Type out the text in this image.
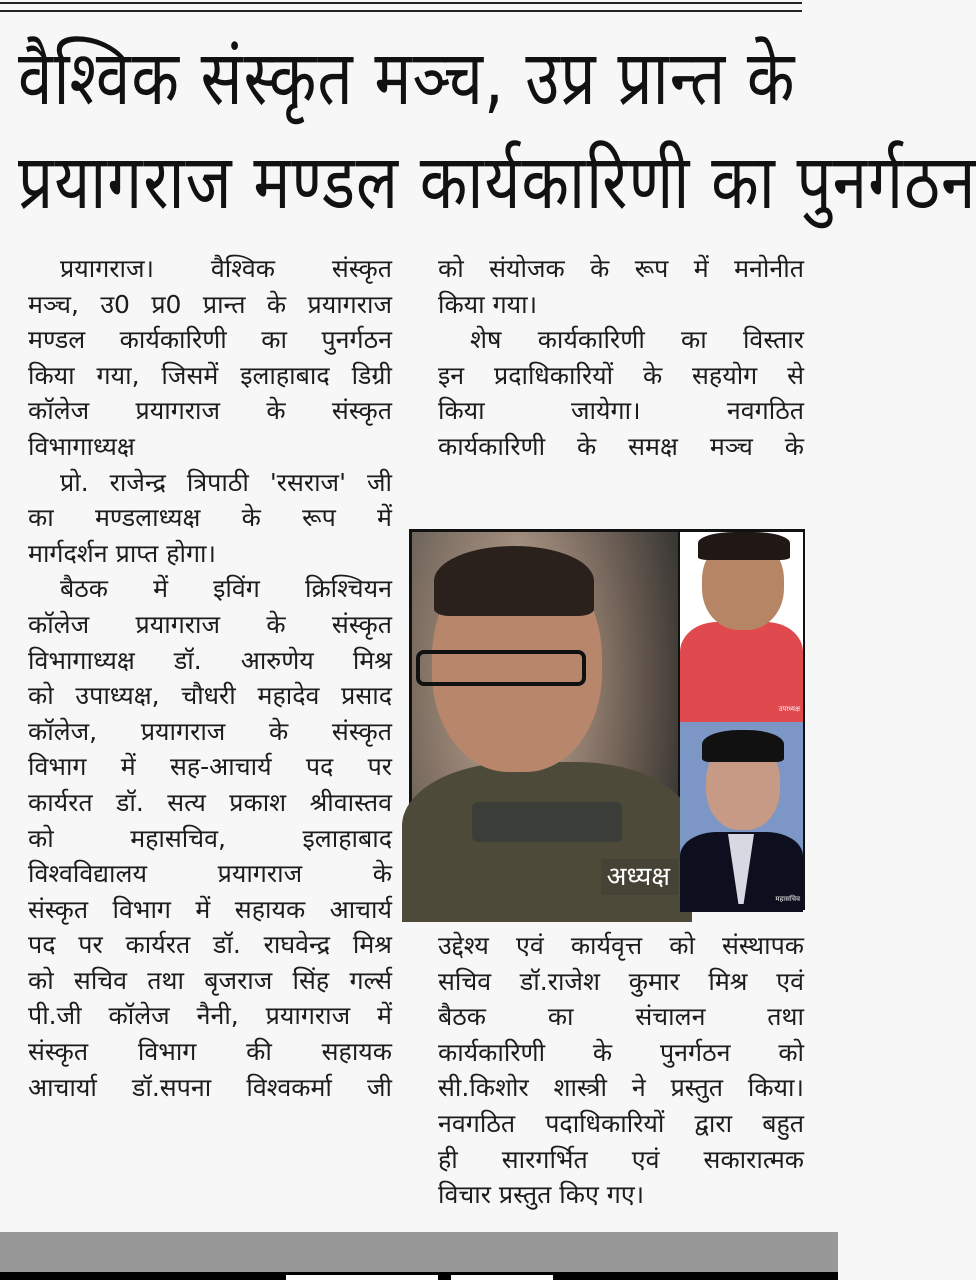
वैश्विक संस्कृत मञ्च, उप्र प्रान्त के
प्रयागराज मण्डल कार्यकारिणी का पुनर्गठन
प्रयागराज। वैश्विक संस्कृत
मञ्च, उ0 प्र0 प्रान्त के प्रयागराज
मण्डल कार्यकारिणी का पुनर्गठन
किया गया, जिसमें इलाहाबाद डिग्री
कॉलेज प्रयागराज के संस्कृत
विभागाध्यक्ष
प्रो. राजेन्द्र त्रिपाठी 'रसराज' जी
का मण्डलाध्यक्ष के रूप में
मार्गदर्शन प्राप्त होगा।
बैठक में इविंग क्रिश्चियन
कॉलेज प्रयागराज के संस्कृत
विभागाध्यक्ष डॉ. आरुणेय मिश्र
को उपाध्यक्ष, चौधरी महादेव प्रसाद
कॉलेज, प्रयागराज के संस्कृत
विभाग में सह-आचार्य पद पर
कार्यरत डॉ. सत्य प्रकाश श्रीवास्तव
को महासचिव, इलाहाबाद
विश्वविद्यालय प्रयागराज के
संस्कृत विभाग में सहायक आचार्य
पद पर कार्यरत डॉ. राघवेन्द्र मिश्र
को सचिव तथा बृजराज सिंह गर्ल्स
पी.जी कॉलेज नैनी, प्रयागराज में
संस्कृत विभाग की सहायक
आचार्या डॉ.सपना विश्वकर्मा जी
को संयोजक के रूप में मनोनीत
किया गया।
शेष कार्यकारिणी का विस्तार
इन प्रदाधिकारियों के सहयोग से
किया जायेगा। नवगठित
कार्यकारिणी के समक्ष मञ्च के
अध्यक्ष
उपाध्यक्ष
महासचिव
उद्देश्य एवं कार्यवृत्त को संस्थापक
सचिव डॉ.राजेश कुमार मिश्र एवं
बैठक का संचालन तथा
कार्यकारिणी के पुनर्गठन को
सी.किशोर शास्त्री ने प्रस्तुत किया।
नवगठित पदाधिकारियों द्वारा बहुत
ही सारगर्भित एवं सकारात्मक
विचार प्रस्तुत किए गए।
